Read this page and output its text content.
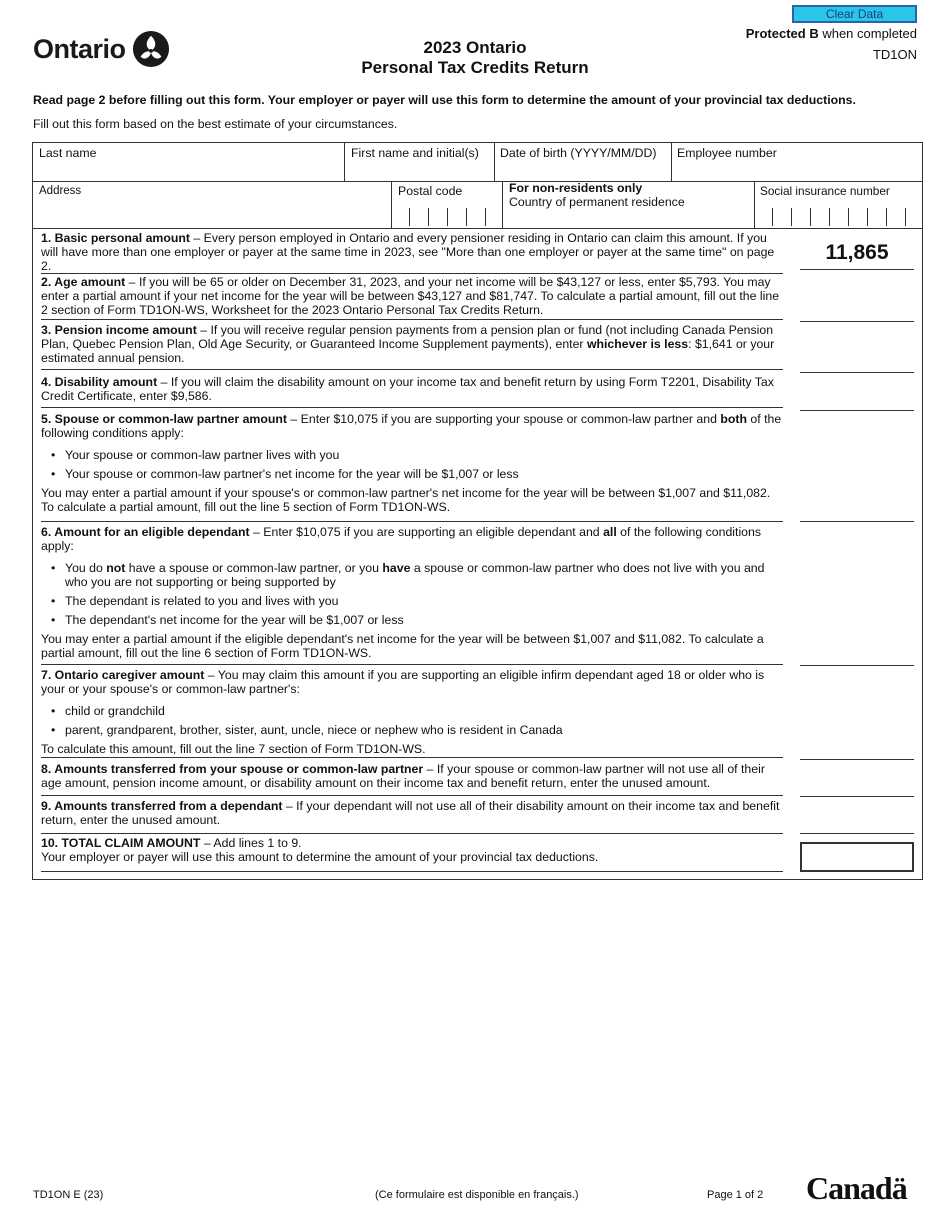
Ontario	2023 Ontario
Personal Tax Credits Return
Clear Data
Protected B when completed
TD1ON
Read page 2 before filling out this form. Your employer or payer will use this form to determine the amount of your provincial tax deductions.
Fill out this form based on the best estimate of your circumstances.
Last name	First name and initial(s) Date of birth (YYYY/MM/DD) Employee number
Address	Postal code	For non-residents only
Country of permanent residence
Social insurance number
1. Basic personal amount – Every person employed in Ontario and every pensioner residing in Ontario can claim this amount. If you will have more than one employer or payer at the same time in 2023, see "More than one employer or payer at the same time" on page 2.
11,865
2. Age amount – If you will be 65 or older on December 31, 2023, and your net income will be $43,127 or less, enter $5,793. You may enter a partial amount if your net income for the year will be between $43,127 and $81,747. To calculate a partial amount, fill out the line 2 section of Form TD1ON-WS, Worksheet for the 2023 Ontario Personal Tax Credits Return.
3. Pension income amount – If you will receive regular pension payments from a pension plan or fund (not including Canada Pension Plan, Quebec Pension Plan, Old Age Security, or Guaranteed Income Supplement payments), enter whichever is less: $1,641 or your estimated annual pension.
4. Disability amount – If you will claim the disability amount on your income tax and benefit return by using Form T2201, Disability Tax Credit Certificate, enter $9,586.
5. Spouse or common-law partner amount – Enter $10,075 if you are supporting your spouse or common-law partner and both of the following conditions apply:
• Your spouse or common-law partner lives with you
• Your spouse or common-law partner's net income for the year will be $1,007 or less

You may enter a partial amount if your spouse's or common-law partner's net income for the year will be between $1,007 and $11,082. To calculate a partial amount, fill out the line 5 section of Form TD1ON-WS.

6. Amount for an eligible dependant – Enter $10,075 if you are supporting an eligible dependant and all of the following conditions apply:
• You do not have a spouse or common-law partner, or you have a spouse or common-law partner who does not live with you and who you are not supporting or being supported by
• The dependant is related to you and lives with you
• The dependant's net income for the year will be $1,007 or less

You may enter a partial amount if the eligible dependant's net income for the year will be between $1,007 and $11,082. To calculate a partial amount, fill out the line 6 section of Form TD1ON-WS.

7. Ontario caregiver amount – You may claim this amount if you are supporting an eligible infirm dependant aged 18 or older who is your or your spouse's or common-law partner's:
• child or grandchild
• parent, grandparent, brother, sister, aunt, uncle, niece or nephew who is resident in Canada

To calculate this amount, fill out the line 7 section of Form TD1ON-WS.

8. Amounts transferred from your spouse or common-law partner – If your spouse or common-law partner will not use all of their age amount, pension income amount, or disability amount on their income tax and benefit return, enter the unused amount.
9. Amounts transferred from a dependant – If your dependant will not use all of their disability amount on their income tax and benefit return, enter the unused amount.
10. TOTAL CLAIM AMOUNT – Add lines 1 to 9.
Your employer or payer will use this amount to determine the amount of your provincial tax deductions.
TD1ON E (23)	(Ce formulaire est disponible en français.)	Page 1 of 2 Canadä
